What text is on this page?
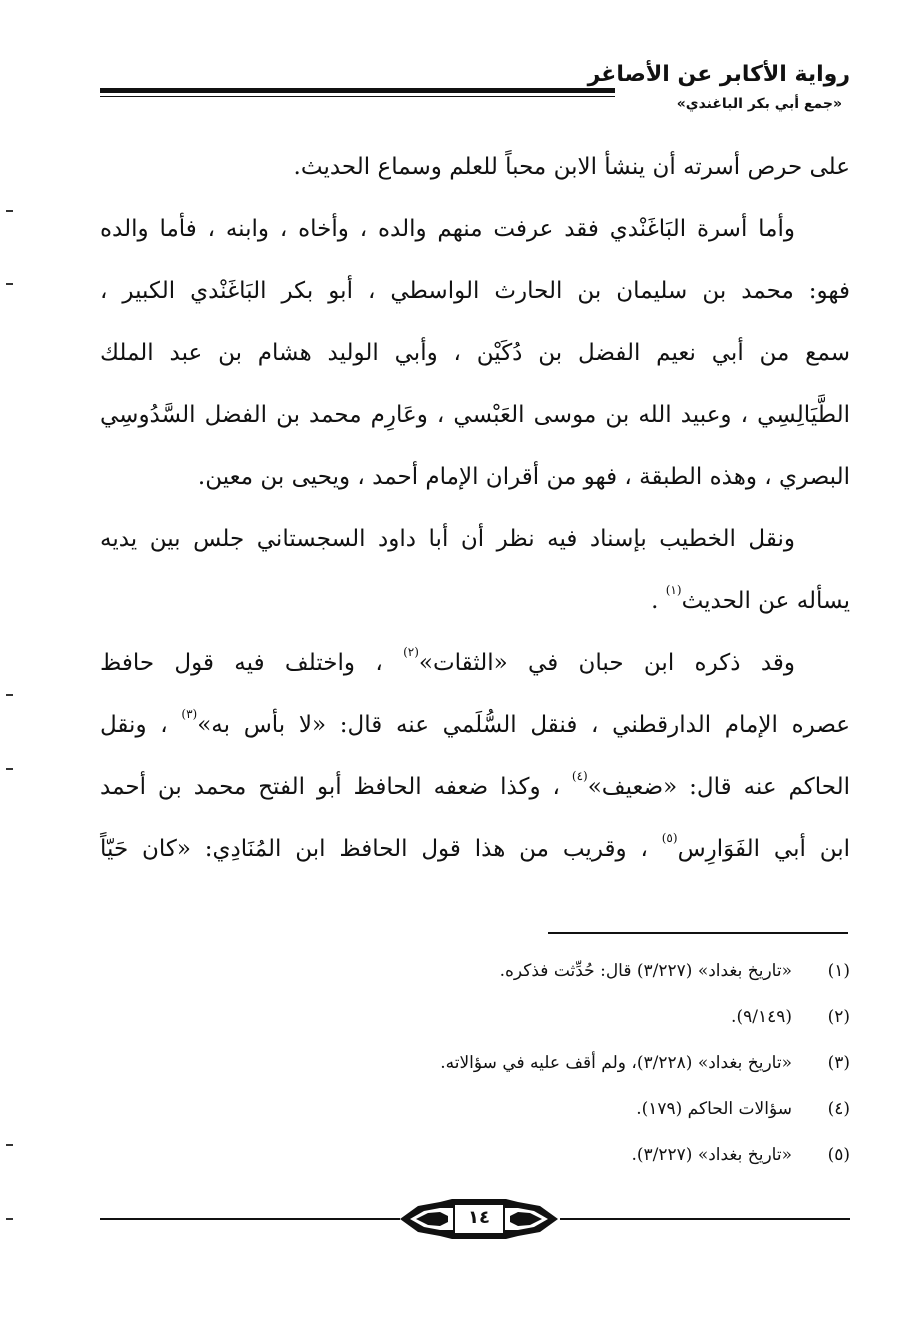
رواية الأكابر عن الأصاغر
«جمع أبي بكر الباغندي»
على حرص أسرته أن ينشأ الابن محباً للعلم وسماع الحديث.
وأما أسرة البَاغَنْدي فقد عرفت منهم والده ، وأخاه ، وابنه ، فأما والده
فهو: محمد بن سليمان بن الحارث الواسطي ، أبو بكر البَاغَنْدي الكبير ،
سمع من أبي نعيم الفضل بن دُكَيْن ، وأبي الوليد هشام بن عبد الملك
الطَّيَالِسِي ، وعبيد الله بن موسى العَبْسي ، وعَارِم محمد بن الفضل السَّدُوسِي
البصري ، وهذه الطبقة ، فهو من أقران الإمام أحمد ، ويحيى بن معين.
ونقل الخطيب بإسناد فيه نظر أن أبا داود السجستاني جلس بين يديه
يسأله عن الحديث$^{(١)}$ .
وقد ذكره ابن حبان في «الثقات»$^{(٢)}$ ، واختلف فيه قول حافظ
عصره الإمام الدارقطني ، فنقل السُّلَمي عنه قال: «لا بأس به»$^{(٣)}$ ، ونقل
الحاكم عنه قال: «ضعيف»$^{(٤)}$ ، وكذا ضعفه الحافظ أبو الفتح محمد بن أحمد
ابن أبي الفَوَارِس$^{(٥)}$ ، وقريب من هذا قول الحافظ ابن المُنَادِي: «كان حَيّاً
(١)«تاريخ بغداد» (٣/٢٢٧) قال: حُدِّثت فذكره.
(٢)(٩/١٤٩).
(٣)«تاريخ بغداد» (٣/٢٢٨)، ولم أقف عليه في سؤالاته.
(٤)سؤالات الحاكم (١٧٩).
(٥)«تاريخ بغداد» (٣/٢٢٧).
١٤
